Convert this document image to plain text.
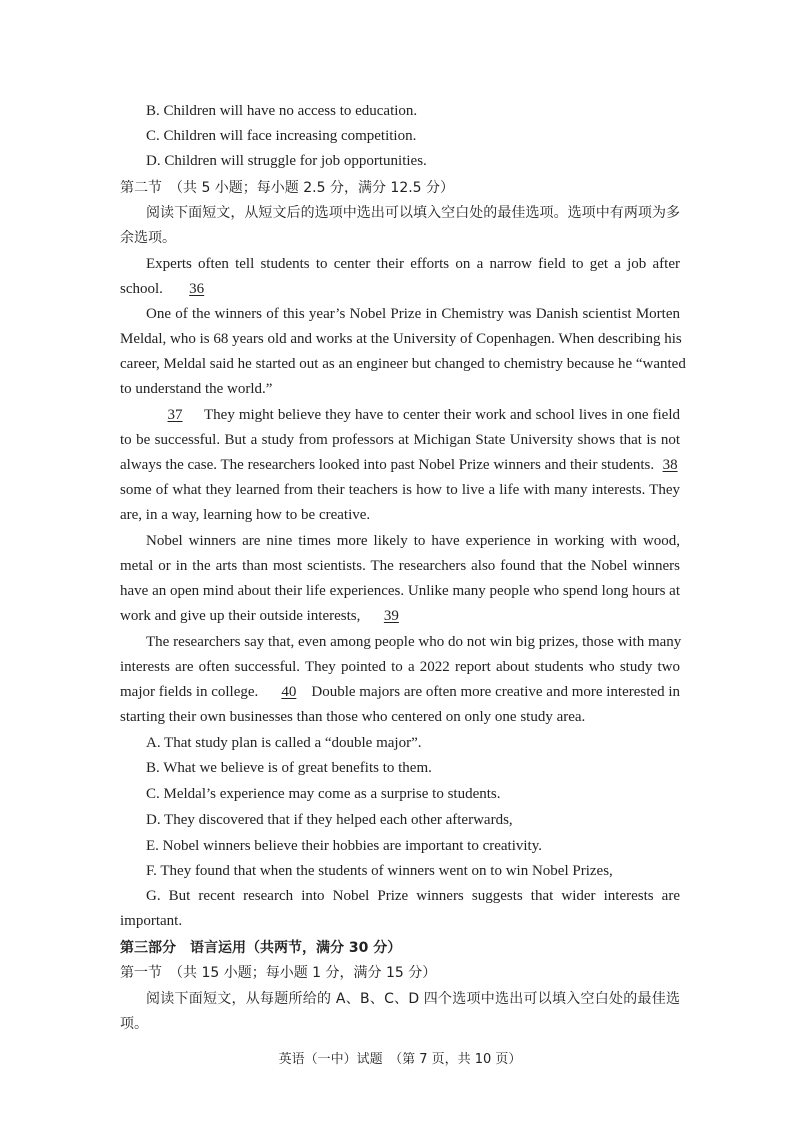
B. Children will have no access to education.
C. Children will face increasing competition.
D. Children will struggle for job opportunities.
第二节　（共 5 小题；每小题 2.5 分，满分 12.5 分）
阅读下面短文，从短文后的选项中选出可以填入空白处的最佳选项。选项中有两项为多
余选项。
Experts often tell students to center their efforts on a narrow field to get a job after
school. 36
One of the winners of this year’s Nobel Prize in Chemistry was Danish scientist Morten
Meldal, who is 68 years old and works at the University of Copenhagen. When describing his
career, Meldal said he started out as an engineer but changed to chemistry because he “wanted
to understand the world.”
37	They might believe they have to center their work and school lives in one field
to be successful. But a study from professors at Michigan State University shows that is not
always the case. The researchers looked into past Nobel Prize winners and their students. 38
some of what they learned from their teachers is how to live a life with many interests. They
are, in a way, learning how to be creative.
Nobel winners are nine times more likely to have experience in working with wood,
metal or in the arts than most scientists. The researchers also found that the Nobel winners
have an open mind about their life experiences. Unlike many people who spend long hours at
work and give up their outside interests, 39
The researchers say that, even among people who do not win big prizes, those with many
interests are often successful. They pointed to a 2022 report about students who study two
major fields in college.	40	Double majors are often more creative and more interested in
starting their own businesses than those who centered on only one study area.
A. That study plan is called a “double major”.
B. What we believe is of great benefits to them.
C. Meldal’s experience may come as a surprise to students.
D. They discovered that if they helped each other afterwards,
E. Nobel winners believe their hobbies are important to creativity.
F. They found that when the students of winners went on to win Nobel Prizes,
G. But recent research into Nobel Prize winners suggests that wider interests are
important.
第三部分　语言运用（共两节，满分 30 分）
第一节　（共 15 小题；每小题 1 分，满分 15 分）
阅读下面短文，从每题所给的 A、B、C、D 四个选项中选出可以填入空白处的最佳选
项。
英语（一中）试题　（第 7 页，共 10 页）
